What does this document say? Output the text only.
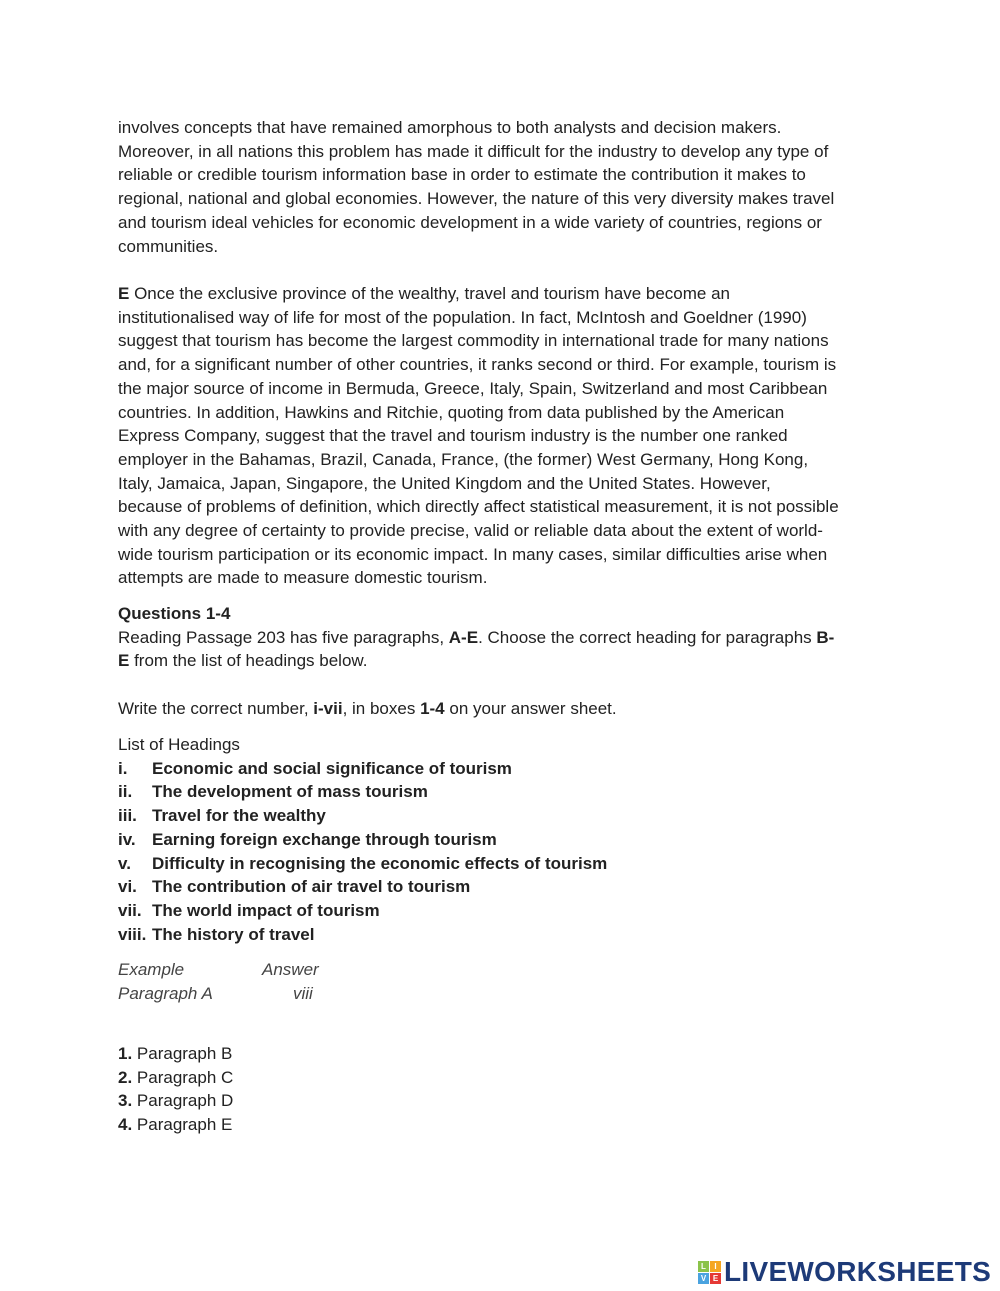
involves concepts that have remained amorphous to both analysts and decision makers.
Moreover, in all nations this problem has made it difficult for the industry to develop any type of
reliable or credible tourism information base in order to estimate the contribution it makes to
regional, national and global economies. However, the nature of this very diversity makes travel
and tourism ideal vehicles for economic development in a wide variety of countries, regions or
communities.
E Once the exclusive province of the wealthy, travel and tourism have become an
institutionalised way of life for most of the population. In fact, McIntosh and Goeldner (1990)
suggest that tourism has become the largest commodity in international trade for many nations
and, for a significant number of other countries, it ranks second or third. For example, tourism is
the major source of income in Bermuda, Greece, Italy, Spain, Switzerland and most Caribbean
countries. In addition, Hawkins and Ritchie, quoting from data published by the American
Express Company, suggest that the travel and tourism industry is the number one ranked
employer in the Bahamas, Brazil, Canada, France, (the former) West Germany, Hong Kong,
Italy, Jamaica, Japan, Singapore, the United Kingdom and the United States. However,
because of problems of definition, which directly affect statistical measurement, it is not possible
with any degree of certainty to provide precise, valid or reliable data about the extent of world-
wide tourism participation or its economic impact. In many cases, similar difficulties arise when
attempts are made to measure domestic tourism.
Questions 1-4
Reading Passage 203 has five paragraphs, A-E. Choose the correct heading for paragraphs B-
E from the list of headings below.
Write the correct number, i-vii, in boxes 1-4 on your answer sheet.
List of Headings
i.	Economic and social significance of tourism
ii.	The development of mass tourism
iii. Travel for the wealthy
iv. Earning foreign exchange through tourism
v.	Difficulty in recognising the economic effects of tourism
vi. The contribution of air travel to tourism
vii. The world impact of tourism
viii. The history of travel
Example	Answer
Paragraph A	viii
1. Paragraph B
2. Paragraph C
3. Paragraph D
4. Paragraph E
L	I
V E LIVEWORKSHEETS
